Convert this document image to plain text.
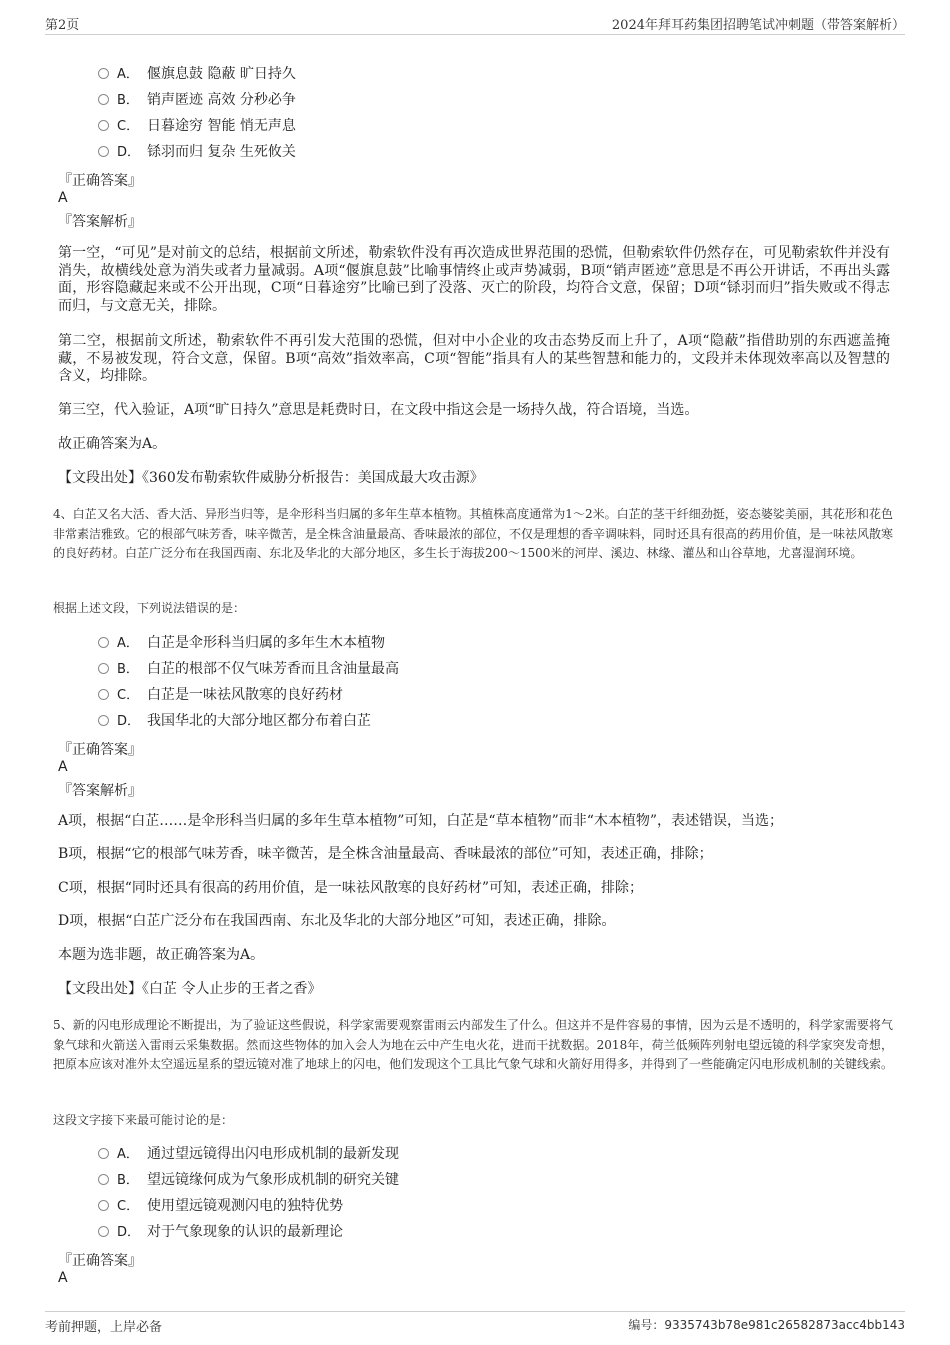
第2页	2024年拜耳药集团招聘笔试冲刺题（带答案解析）
A． 偃旗息鼓 隐蔽 旷日持久
B． 销声匿迹 高效 分秒必争
C． 日暮途穷 智能 悄无声息
D． 铩羽而归 复杂 生死攸关
『正确答案』
A
『答案解析』
第一空，“可见”是对前文的总结，根据前文所述，勒索软件没有再次造成世界范围的恐慌，但勒索软件仍然存在，可见勒索软件并没有消失，故横线处意为消失或者力量减弱。A项“偃旗息鼓”比喻事情终止或声势减弱，B项“销声匿迹”意思是不再公开讲话，不再出头露面，形容隐藏起来或不公开出现，C项“日暮途穷”比喻已到了没落、灭亡的阶段，均符合文意，保留；D项“铩羽而归”指失败或不得志而归，与文意无关，排除。
第二空，根据前文所述，勒索软件不再引发大范围的恐慌，但对中小企业的攻击态势反而上升了，A项“隐蔽”指借助别的东西遮盖掩藏，不易被发现，符合文意，保留。B项“高效”指效率高，C项“智能”指具有人的某些智慧和能力的，文段并未体现效率高以及智慧的含义，均排除。
第三空，代入验证，A项“旷日持久”意思是耗费时日，在文段中指这会是一场持久战，符合语境，当选。
故正确答案为A。
【文段出处】《360发布勒索软件威胁分析报告：美国成最大攻击源》
4、白芷又名大活、香大活、异形当归等，是伞形科当归属的多年生草本植物。其植株高度通常为1～2米。白芷的茎干纤细劲挺，姿态婆娑美丽，其花形和花色非常素洁雅致。它的根部气味芳香，味辛微苦，是全株含油量最高、香味最浓的部位，不仅是理想的香辛调味料，同时还具有很高的药用价值，是一味祛风散寒的良好药材。白芷广泛分布在我国西南、东北及华北的大部分地区，多生长于海拔200～1500米的河岸、溪边、林缘、灌丛和山谷草地，尤喜湿润环境。
根据上述文段，下列说法错误的是：
A． 白芷是伞形科当归属的多年生木本植物
B． 白芷的根部不仅气味芳香而且含油量最高
C． 白芷是一味祛风散寒的良好药材
D． 我国华北的大部分地区都分布着白芷
『正确答案』
A
『答案解析』
A项，根据“白芷……是伞形科当归属的多年生草本植物”可知，白芷是“草本植物”而非“木本植物”，表述错误，当选；
B项，根据“它的根部气味芳香，味辛微苦，是全株含油量最高、香味最浓的部位”可知，表述正确，排除；
C项，根据“同时还具有很高的药用价值，是一味祛风散寒的良好药材”可知，表述正确，排除；
D项，根据“白芷广泛分布在我国西南、东北及华北的大部分地区”可知，表述正确，排除。
本题为选非题，故正确答案为A。
【文段出处】《白芷 令人止步的王者之香》
5、新的闪电形成理论不断提出，为了验证这些假说，科学家需要观察雷雨云内部发生了什么。但这并不是件容易的事情，因为云是不透明的，科学家需要将气象气球和火箭送入雷雨云采集数据。然而这些物体的加入会人为地在云中产生电火花，进而干扰数据。2018年，荷兰低频阵列射电望远镜的科学家突发奇想，把原本应该对准外太空遥远星系的望远镜对准了地球上的闪电，他们发现这个工具比气象气球和火箭好用得多，并得到了一些能确定闪电形成机制的关键线索。
这段文字接下来最可能讨论的是：
A． 通过望远镜得出闪电形成机制的最新发现
B． 望远镜缘何成为气象形成机制的研究关键
C． 使用望远镜观测闪电的独特优势
D． 对于气象现象的认识的最新理论
『正确答案』
A
考前押题，上岸必备	编号：9335743b78e981c26582873acc4bb143
